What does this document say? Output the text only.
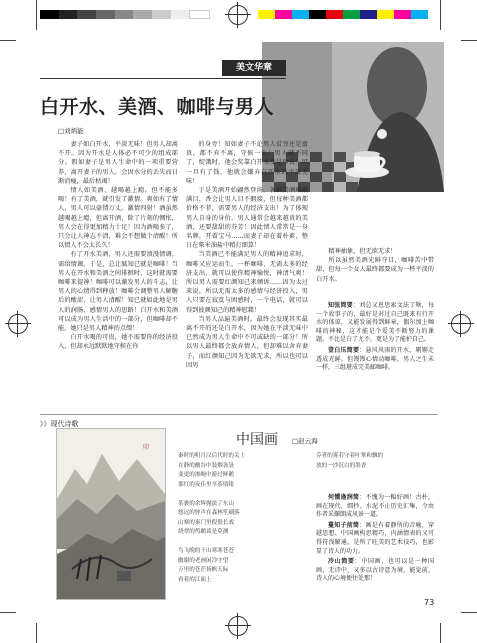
美文华章
白开水、美酒、咖啡与男人
□刘炳能

妻子如白开水，平淡无味！但男人却离不开。因为开水是人体必不可少的组成部分。假如妻子是男人生命中的一项重要营养，离开妻子的男人，会因水分的丢失而日渐消瘦，最后枯竭！

情人如美酒，越喝越上瘾，但不能多喝！有了美酒，就引发了激情。爽如有了情人，男人可以豪情万丈。激情四射！酒虽然越喝越上瘾，但离开酒，除了片刻的惆怅，男人会在得更加精力十足！因为酒喝多了，只会让人神志不清，难会不想做个清醒！所以情人不会太长久！

有了开水美酒，男人还需要浪漫情调，需给情调。于是，总让腻知已就是咖啡！当男人在开水和美酒之间徘徊时，这时就需要咖啡来提神！咖啡可以激发男人的斗志，让男人的心情得到释放！咖啡会调整男人解糖后的酸涩，让男人清醒！知已就如此地是男人的润肠、感情男人的思路！白开水和美酒可以成为男人生活中的一部分，但咖啡却不能，她只是男人精神的点缀！

白开水喝的可贵，她不需要你的经济投入，但却永远默默地守候在你

的身旁！知如妻子不论男人贫穷还是富贵，都不弃不离，守候一生！男人就不同了，绽饿时，他会奖靠白开水变是珍贵！可一旦有了钱，他就会嫌弃白开水的平淡无味！

于是美酒开始翩然登场，各种美酒琳琅满目，香会让男人目不暇接，但每种美酒都价格不菲，需要男人的经济支出！为了体现男人自身的身价，男人通常会越来越贵的美酒，还要甜甜的芬芳！因此情人常常是一身名牌，开着宝马……而妻子却在着朴素，整日在柴米油盐中精打细算！

当美酒已不能满足男人的精神追求时，咖啡又应运而生，一杯咖啡，无需太多的经济支出，就可以使你精神愉悦，神清气爽！所以男人需要红颜知己来倾诉……因为太过来说，所以无需太多的感情与经济投入，男人只要在寂寞与困感时，一个电话，就可以得到彼颜知己的精神慰藉！

当男人品遍美酒时，最终会发现其实最离不开的还是白开水，因为她在平淡无味中已然成为男人生命中不可或缺的一部分！所以男人最终都会放弃情人，但却难以舍弃妻子，而红颜知己因为无欲无求，所以也可以因男

精神抽象，但无欲无求！

所以虽然美酒光鲜夺目，咖啡苦中带甜，但每一个女人最终都要成为一杯平淡的白开水。

知弦简要：刘总又息思索文法了啥，每一个故事子的，最好是对过自己既来有行开水的体谅，又能发展得到鲜章，偶尔加上咖啡的神秘，这才能是个爱美不断努力的课题。不比是白了尤不，更是为了能护自己。

壹白压简要：悬风风雨的开水，剔剔走透成光鲜。但馒馒心情动咖啡，男人之生未一样，三组堪成完美邮咖啡。

》》现代诗歌
中国画 □赵云海
印
秦时的明月汉后代时的关上
在静的幽谷中装烟袅袅
变更的渗绳中游过鲜鹅
那红的夜佳里享茶情绪

茶裹的余辉抛淡了东山
悠远的钟声在森林笙刷落
山寨的秦门里倪倪长戏
绕翠的鸬鹚谈是莫测

鸟飞晚的千山寒寒苍苍
幽谢的老画闲冷守望
万里的苍茫扬帆天际
看着的江面上
芬者的雾若守着叶掌和飘的
放的一沙沉白的墨香

何懂逢润简：不愧为一幅好画！古朴，画在现代，细抄、水泥不止历史汇集，令由作者采撷朗成风景一道。

蔓知子前简：画是有着静所的音喻，穿越思想、中国画构思精巧，内涵情表的又可得符浅解通。是所了旺美的艺术技巧，也影显了诗人的功力。

冷山简要：中国画，也可以是一种国画，无诗中，又多以古诗意为境，能觉前，诗人的心境便往处那！

73
